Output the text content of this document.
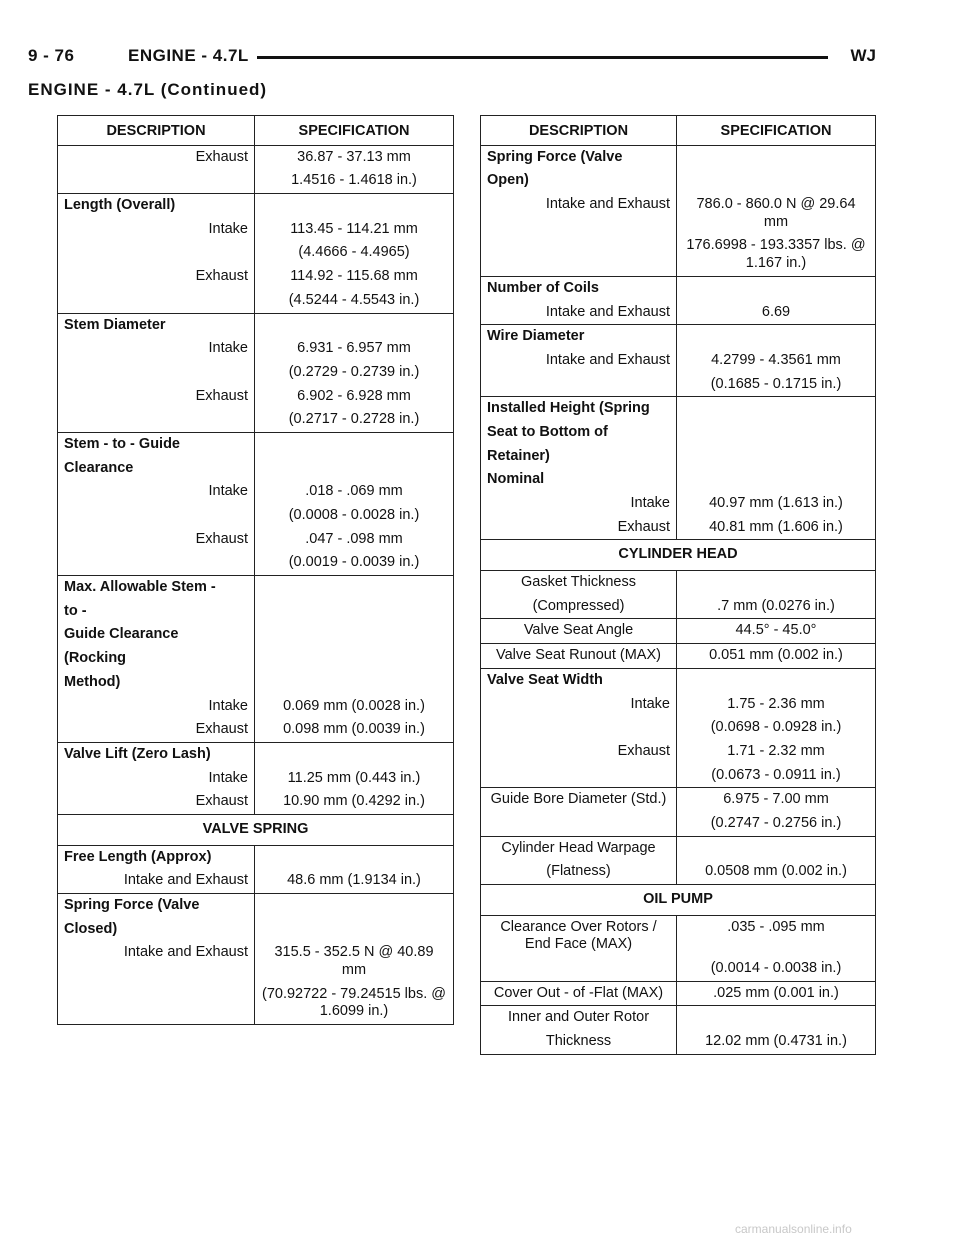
9 - 76	ENGINE - 4.7L	WJ
ENGINE - 4.7L (Continued)
DESCRIPTION	SPECIFICATION
Exhaust	36.87 - 37.13 mm
	1.4516 - 1.4618 in.)
Length (Overall)	
Intake	113.45 - 114.21 mm
	(4.4666 - 4.4965)
Exhaust	114.92 - 115.68 mm
	(4.5244 - 4.5543 in.)
Stem Diameter	
Intake	6.931 - 6.957 mm
	(0.2729 - 0.2739 in.)
Exhaust	6.902 - 6.928 mm
	(0.2717 - 0.2728 in.)
Stem - to - Guide	
Clearance	
Intake	.018 - .069 mm
	(0.0008 - 0.0028 in.)
Exhaust	.047 - .098 mm
	(0.0019 - 0.0039 in.)
Max. Allowable Stem -	
to -	
Guide Clearance	
(Rocking	
Method)	
Intake	0.069 mm (0.0028 in.)
Exhaust	0.098 mm (0.0039 in.)
Valve Lift (Zero Lash)	
Intake	11.25 mm (0.443 in.)
Exhaust	10.90 mm (0.4292 in.)
VALVE SPRING	
Free Length (Approx)	
Intake and Exhaust	48.6 mm (1.9134 in.)
Spring Force (Valve	
Closed)	
Intake and Exhaust	315.5 - 352.5 N @ 40.89 mm
	(70.92722 - 79.24515 lbs. @ 1.6099 in.)
DESCRIPTION	SPECIFICATION
Spring Force (Valve	
Open)	
Intake and Exhaust	786.0 - 860.0 N @ 29.64 mm
	176.6998 - 193.3357 lbs. @ 1.167 in.)
Number of Coils	
Intake and Exhaust	6.69
Wire Diameter	
Intake and Exhaust	4.2799 - 4.3561 mm
	(0.1685 - 0.1715 in.)
Installed Height (Spring	
Seat to Bottom of	
Retainer)	
Nominal	
Intake	40.97 mm (1.613 in.)
Exhaust	40.81 mm (1.606 in.)
CYLINDER HEAD	
Gasket Thickness	
(Compressed)	.7 mm (0.0276 in.)
Valve Seat Angle	44.5° - 45.0°
Valve Seat Runout (MAX)	0.051 mm (0.002 in.)
Valve Seat Width	
Intake	1.75 - 2.36 mm
	(0.0698 - 0.0928 in.)
Exhaust	1.71 - 2.32 mm
	(0.0673 - 0.0911 in.)
Guide Bore Diameter (Std.)	6.975 - 7.00 mm
	(0.2747 - 0.2756 in.)
Cylinder Head Warpage	
(Flatness)	0.0508 mm (0.002 in.)
OIL PUMP	
Clearance Over Rotors / End Face (MAX)	.035 - .095 mm
	(0.0014 - 0.0038 in.)
Cover Out - of -Flat (MAX)	.025 mm (0.001 in.)
Inner and Outer Rotor	
Thickness	12.02 mm (0.4731 in.)
carmanualsonline.info
